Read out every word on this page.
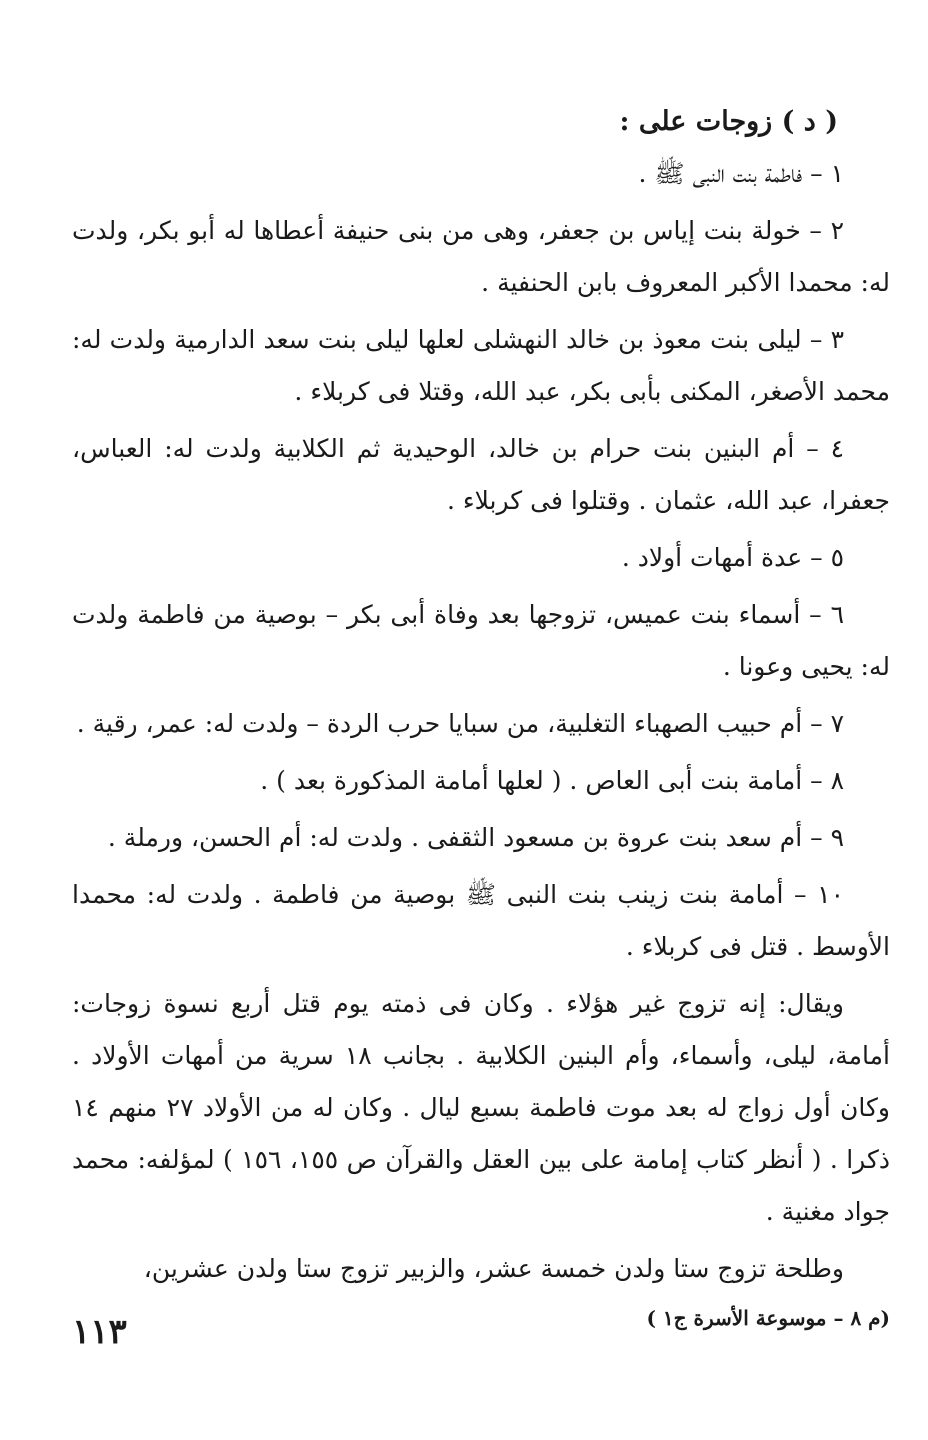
( د ) زوجات على :

١ – فاطمة بنت النبى ﷺ .

٢ – خولة بنت إياس بن جعفر، وهى من بنى حنيفة أعطاها له أبو بكر، ولدت له: محمدا الأكبر المعروف بابن الحنفية .

٣ – ليلى بنت معوذ بن خالد النهشلى لعلها ليلى بنت سعد الدارمية ولدت له: محمد الأصغر، المكنى بأبى بكر، عبد الله، وقتلا فى كربلاء .

٤ – أم البنين بنت حرام بن خالد، الوحيدية ثم الكلابية ولدت له: العباس، جعفرا، عبد الله، عثمان . وقتلوا فى كربلاء .

٥ – عدة أمهات أولاد .

٦ – أسماء بنت عميس، تزوجها بعد وفاة أبى بكر – بوصية من فاطمة ولدت له: يحيى وعونا .

٧ – أم حبيب الصهباء التغلبية، من سبايا حرب الردة – ولدت له: عمر، رقية .

٨ – أمامة بنت أبى العاص . ( لعلها أمامة المذكورة بعد ) .

٩ – أم سعد بنت عروة بن مسعود الثقفى . ولدت له: أم الحسن، ورملة .

١٠ – أمامة بنت زينب بنت النبى ﷺ بوصية من فاطمة . ولدت له: محمدا الأوسط . قتل فى كربلاء .

ويقال: إنه تزوج غير هؤلاء . وكان فى ذمته يوم قتل أربع نسوة زوجات: أمامة، ليلى، وأسماء، وأم البنين الكلابية . بجانب ١٨ سرية من أمهات الأولاد . وكان أول زواج له بعد موت فاطمة بسبع ليال . وكان له من الأولاد ٢٧ منهم ١٤ ذكرا . ( أنظر كتاب إمامة على بين العقل والقرآن ص ١٥٥، ١٥٦ ) لمؤلفه: محمد جواد مغنية .

وطلحة تزوج ستا ولدن خمسة عشر، والزبير تزوج ستا ولدن عشرين،

(م ٨ – موسوعة الأسرة ج١ )
١١٣
